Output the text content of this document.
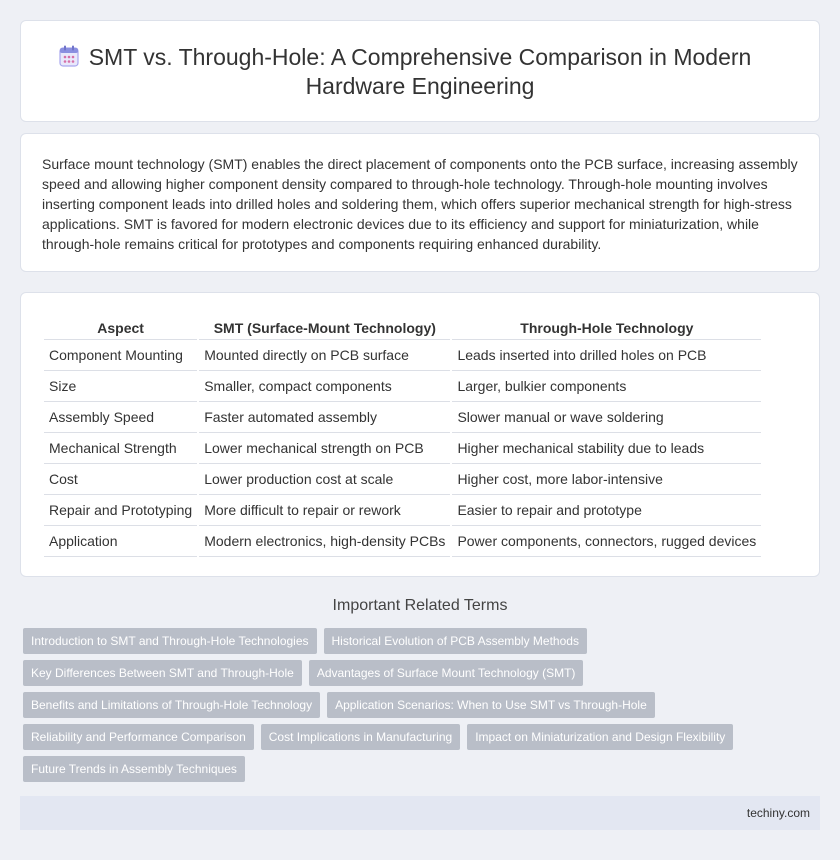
SMT vs. Through-Hole: A Comprehensive Comparison in Modern Hardware Engineering

Surface mount technology (SMT) enables the direct placement of components onto the PCB surface, increasing assembly speed and allowing higher component density compared to through-hole technology. Through-hole mounting involves inserting component leads into drilled holes and soldering them, which offers superior mechanical strength for high-stress applications. SMT is favored for modern electronic devices due to its efficiency and support for miniaturization, while through-hole remains critical for prototypes and components requiring enhanced durability.

Aspect	SMT (Surface-Mount Technology)	Through-Hole Technology
Component Mounting	Mounted directly on PCB surface	Leads inserted into drilled holes on PCB
Size	Smaller, compact components	Larger, bulkier components
Assembly Speed	Faster automated assembly	Slower manual or wave soldering
Mechanical Strength	Lower mechanical strength on PCB	Higher mechanical stability due to leads
Cost	Lower production cost at scale	Higher cost, more labor-intensive
Repair and Prototyping	More difficult to repair or rework	Easier to repair and prototype
Application	Modern electronics, high-density PCBs	Power components, connectors, rugged devices
Important Related Terms
Introduction to SMT and Through-Hole Technologies	Historical Evolution of PCB Assembly Methods
Key Differences Between SMT and Through-Hole	Advantages of Surface Mount Technology (SMT)
Benefits and Limitations of Through-Hole Technology	Application Scenarios: When to Use SMT vs Through-Hole
Reliability and Performance Comparison	Cost Implications in Manufacturing	Impact on Miniaturization and Design Flexibility
Future Trends in Assembly Techniques
techiny.com
